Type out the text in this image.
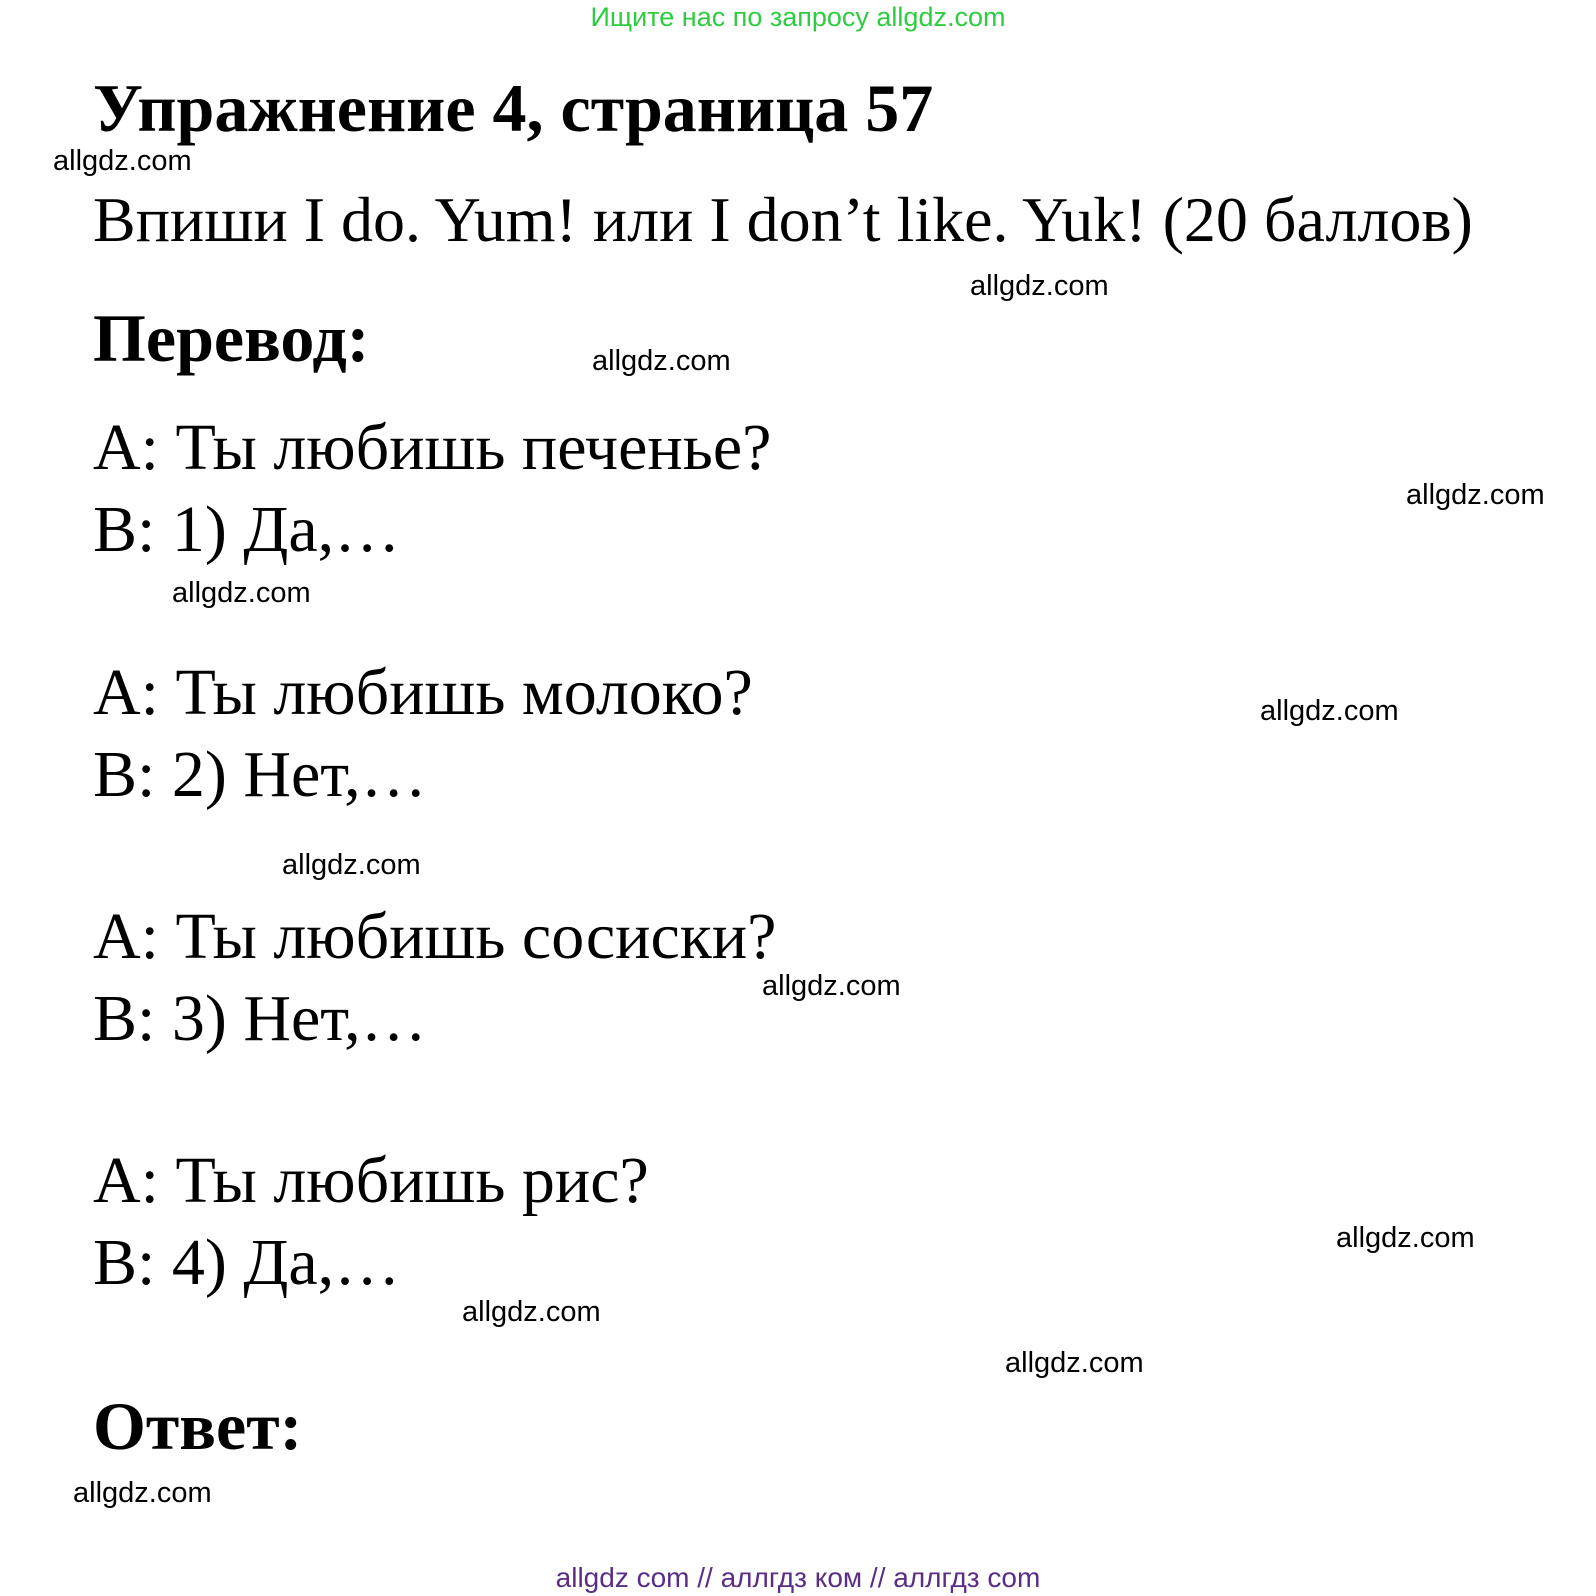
Ищите нас по запросу allgdz.com
Упражнение 4, страница 57
Впиши I do. Yum! или I don’t like. Yuk! (20 баллов)
Перевод:
A: Ты любишь печенье?
B: 1) Да,…
A: Ты любишь молоко?
B: 2) Нет,…
A: Ты любишь сосиски?
B: 3) Нет,…
A: Ты любишь рис?
B: 4) Да,…
Ответ:
allgdz.com
allgdz.com
allgdz.com
allgdz.com
allgdz.com
allgdz.com
allgdz.com
allgdz.com
allgdz.com
allgdz.com
allgdz.com
allgdz.com
allgdz com // аллгдз ком // аллгдз com
